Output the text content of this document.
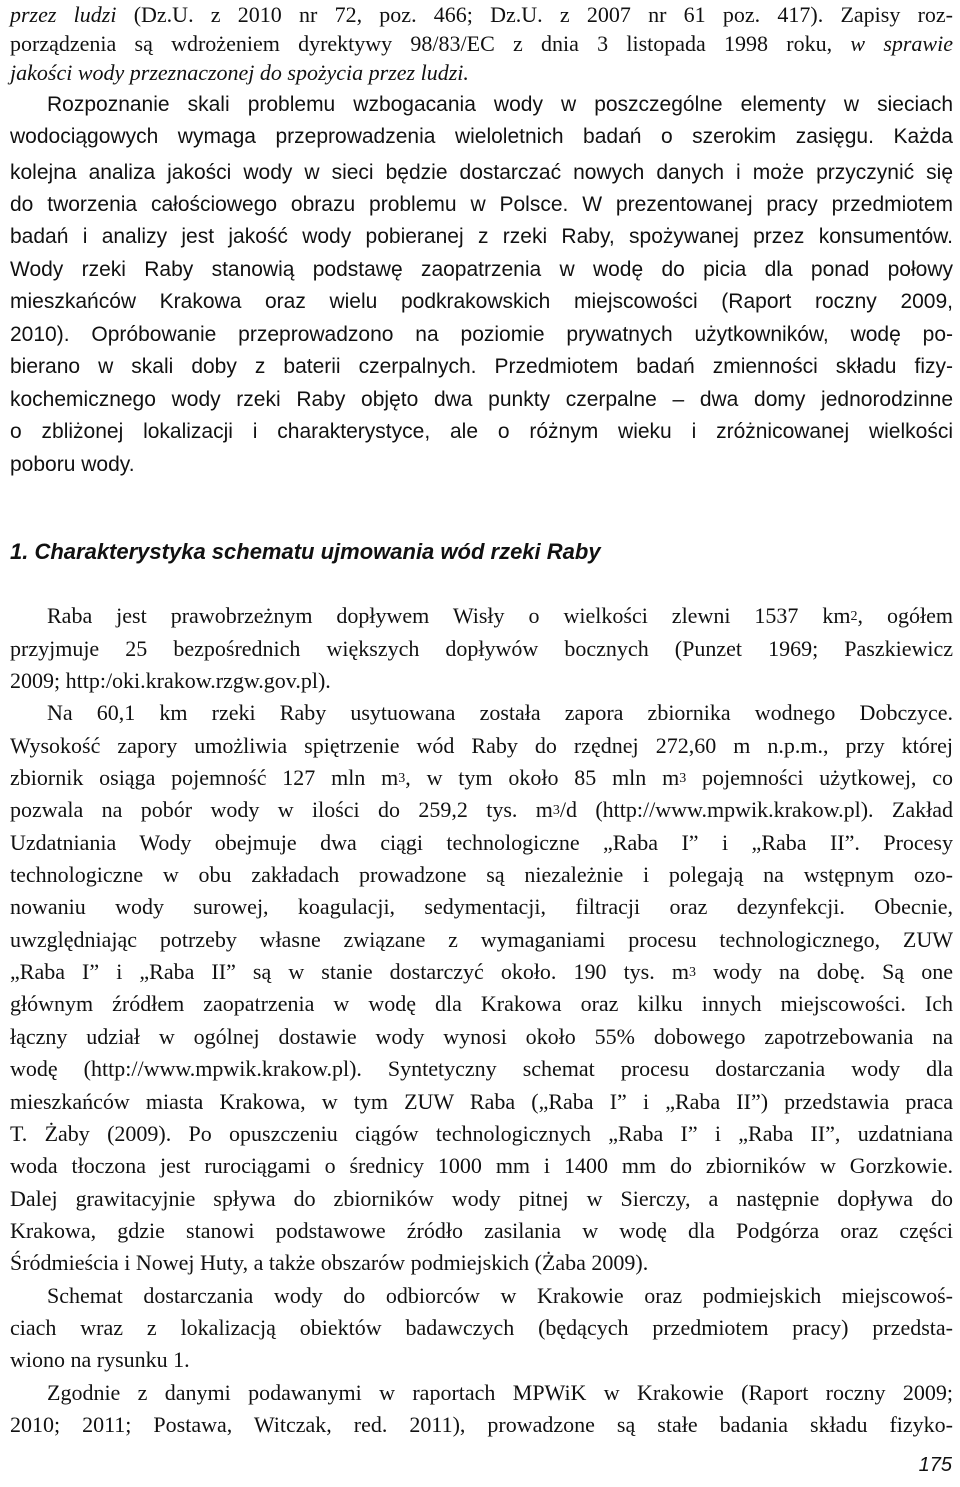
przez ludzi (Dz.U. z 2010 nr 72, poz. 466; Dz.U. z 2007 nr 61 poz. 417). Zapisy roz-

porządzenia są wdrożeniem dyrektywy 98/83/EC z dnia 3 listopada 1998 roku, w sprawie

jakości wody przeznaczonej do spożycia przez ludzi.

Rozpoznanie skali problemu wzbogacania wody w poszczególne elementy w sieciach

wodociągowych wymaga przeprowadzenia wieloletnich badań o szerokim zasięgu. Każda

kolejna analiza jakości wody w sieci będzie dostarczać nowych danych i może przyczynić się

do tworzenia całościowego obrazu problemu w Polsce. W prezentowanej pracy przedmiotem

badań i analizy jest jakość wody pobieranej z rzeki Raby, spożywanej przez konsumentów.

Wody rzeki Raby stanowią podstawę zaopatrzenia w wodę do picia dla ponad połowy

mieszkańców Krakowa oraz wielu podkrakowskich miejscowości (Raport roczny 2009,

2010). Opróbowanie przeprowadzono na poziomie prywatnych użytkowników, wodę po-

bierano w skali doby z baterii czerpalnych. Przedmiotem badań zmienności składu fizy-

kochemicznego wody rzeki Raby objęto dwa punkty czerpalne – dwa domy jednorodzinne

o zbliżonej lokalizacji i charakterystyce, ale o różnym wieku i zróżnicowanej wielkości

poboru wody.

1. Charakterystyka schematu ujmowania wód rzeki Raby

Raba jest prawobrzeżnym dopływem Wisły o wielkości zlewni 1537 $km^2$, ogółem

przyjmuje 25 bezpośrednich większych dopływów bocznych (Punzet 1969; Paszkiewicz

2009; http:/oki.krakow.rzgw.gov.pl).

Na 60,1 km rzeki Raby usytuowana została zapora zbiornika wodnego Dobczyce.

Wysokość zapory umożliwia spiętrzenie wód Raby do rzędnej 272,60 m n.p.m., przy której

zbiornik osiąga pojemność 127 mln $m^3$, w tym około 85 mln $m^3$ pojemności użytkowej, co

pozwala na pobór wody w ilości do 259,2 tys. $m^3/d$ (http://www.mpwik.krakow.pl). Zakład

Uzdatniania Wody obejmuje dwa ciągi technologiczne „Raba I” i „Raba II”. Procesy

technologiczne w obu zakładach prowadzone są niezależnie i polegają na wstępnym ozo-

nowaniu wody surowej, koagulacji, sedymentacji, filtracji oraz dezynfekcji. Obecnie,

uwzględniając potrzeby własne związane z wymaganiami procesu technologicznego, ZUW

„Raba I” i „Raba II” są w stanie dostarczyć około. 190 tys. $m^3$ wody na dobę. Są one

głównym źródłem zaopatrzenia w wodę dla Krakowa oraz kilku innych miejscowości. Ich

łączny udział w ogólnej dostawie wody wynosi około 55% dobowego zapotrzebowania na

wodę (http://www.mpwik.krakow.pl). Syntetyczny schemat procesu dostarczania wody dla

mieszkańców miasta Krakowa, w tym ZUW Raba („Raba I” i „Raba II”) przedstawia praca

T. Żaby (2009). Po opuszczeniu ciągów technologicznych „Raba I” i „Raba II”, uzdatniana

woda tłoczona jest rurociągami o średnicy 1000 mm i 1400 mm do zbiorników w Gorzkowie.

Dalej grawitacyjnie spływa do zbiorników wody pitnej w Sierczy, a następnie dopływa do

Krakowa, gdzie stanowi podstawowe źródło zasilania w wodę dla Podgórza oraz części

Śródmieścia i Nowej Huty, a także obszarów podmiejskich (Żaba 2009).

Schemat dostarczania wody do odbiorców w Krakowie oraz podmiejskich miejscowoś-

ciach wraz z lokalizacją obiektów badawczych (będących przedmiotem pracy) przedsta-

wiono na rysunku 1.

Zgodnie z danymi podawanymi w raportach MPWiK w Krakowie (Raport roczny 2009;

2010; 2011; Postawa, Witczak, red. 2011), prowadzone są stałe badania składu fizyko-

175
